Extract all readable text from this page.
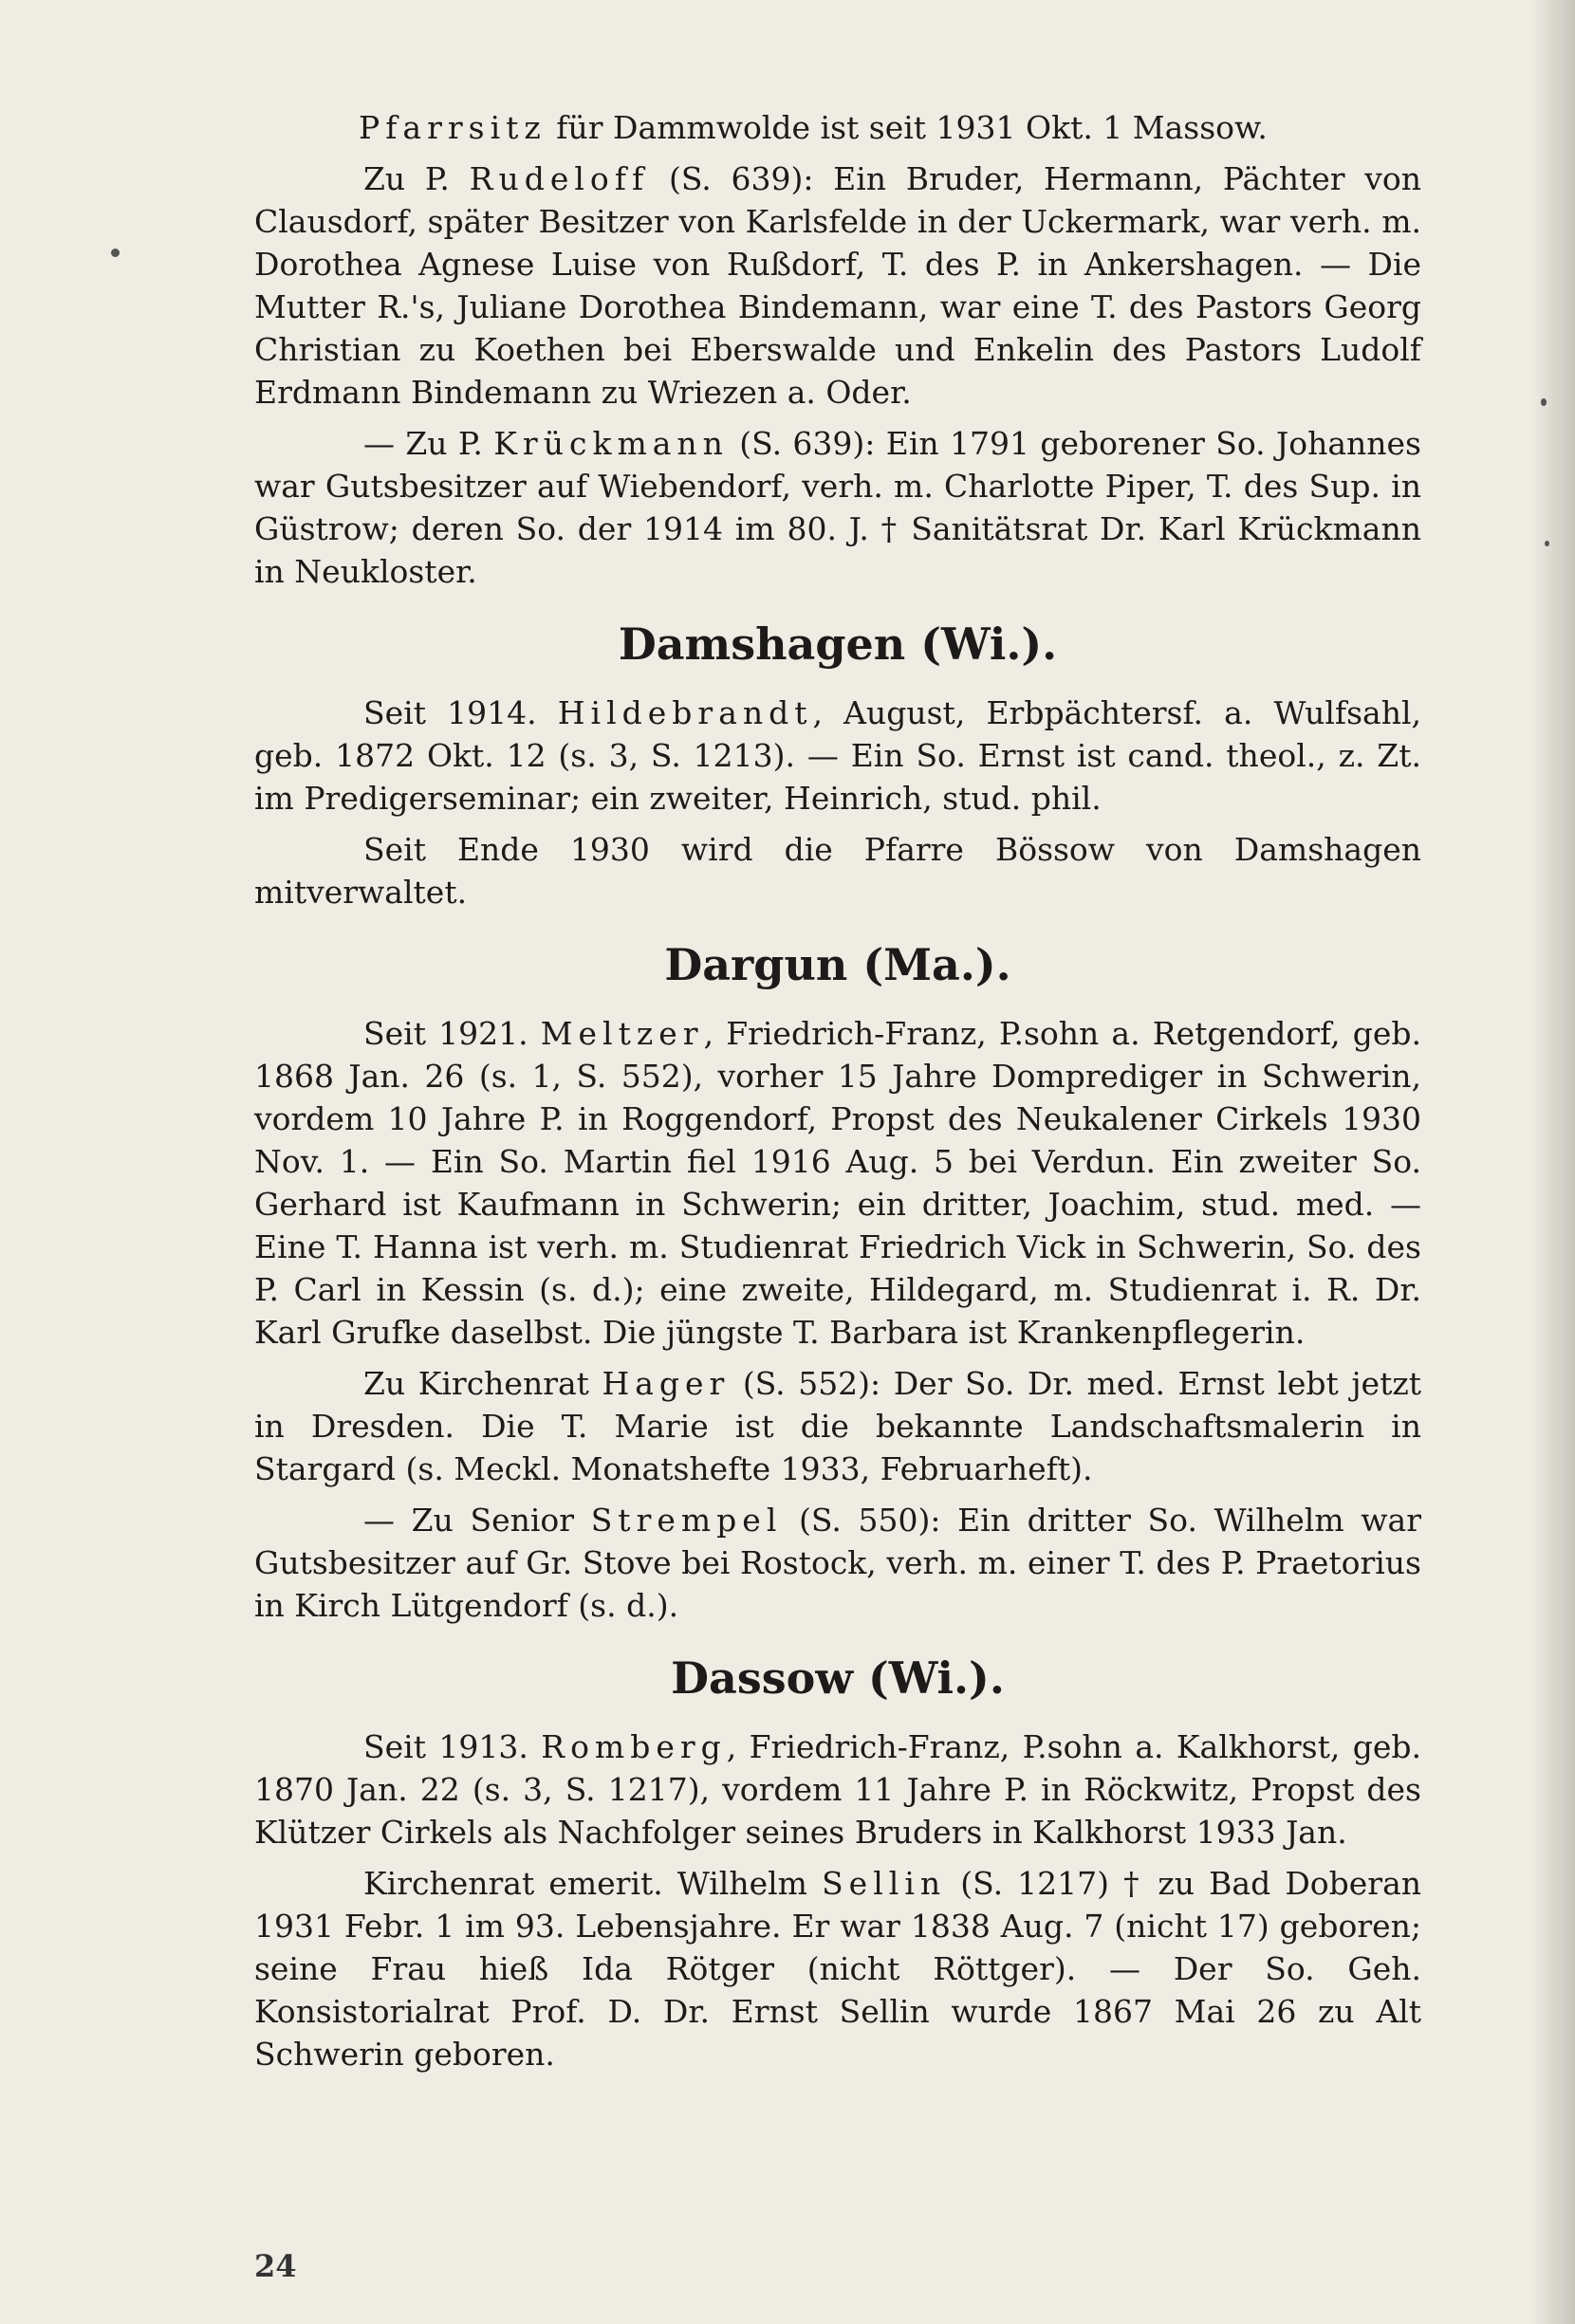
Pfarrsitz für Dammwolde ist seit 1931 Okt. 1 Massow.

Zu P. Rudeloff (S. 639): Ein Bruder, Hermann, Pächter von Clausdorf, später Besitzer von Karlsfelde in der Uckermark, war verh. m. Dorothea Agnese Luise von Rußdorf, T. des P. in Ankershagen. — Die Mutter R.'s, Juliane Dorothea Bindemann, war eine T. des Pastors Georg Christian zu Koethen bei Eberswalde und Enkelin des Pastors Ludolf Erdmann Bindemann zu Wriezen a. Oder.

— Zu P. Krückmann (S. 639): Ein 1791 geborener So. Johannes war Gutsbesitzer auf Wiebendorf, verh. m. Charlotte Piper, T. des Sup. in Güstrow; deren So. der 1914 im 80. J. † Sanitätsrat Dr. Karl Krückmann in Neukloster.

Damshagen (Wi.).

Seit 1914. Hildebrandt, August, Erbpächtersf. a. Wulfsahl, geb. 1872 Okt. 12 (s. 3, S. 1213). — Ein So. Ernst ist cand. theol., z. Zt. im Predigerseminar; ein zweiter, Heinrich, stud. phil.

Seit Ende 1930 wird die Pfarre Bössow von Damshagen mitverwaltet.

Dargun (Ma.).

Seit 1921. Meltzer, Friedrich-Franz, P.sohn a. Retgendorf, geb. 1868 Jan. 26 (s. 1, S. 552), vorher 15 Jahre Domprediger in Schwerin, vordem 10 Jahre P. in Roggendorf, Propst des Neukalener Cirkels 1930 Nov. 1. — Ein So. Martin fiel 1916 Aug. 5 bei Verdun. Ein zweiter So. Gerhard ist Kaufmann in Schwerin; ein dritter, Joachim, stud. med. — Eine T. Hanna ist verh. m. Studienrat Friedrich Vick in Schwerin, So. des P. Carl in Kessin (s. d.); eine zweite, Hildegard, m. Studienrat i. R. Dr. Karl Grufke daselbst. Die jüngste T. Barbara ist Krankenpflegerin.

Zu Kirchenrat Hager (S. 552): Der So. Dr. med. Ernst lebt jetzt in Dresden. Die T. Marie ist die bekannte Landschaftsmalerin in Stargard (s. Meckl. Monatshefte 1933, Februarheft).

— Zu Senior Strempel (S. 550): Ein dritter So. Wilhelm war Gutsbesitzer auf Gr. Stove bei Rostock, verh. m. einer T. des P. Praetorius in Kirch Lütgendorf (s. d.).

Dassow (Wi.).

Seit 1913. Romberg, Friedrich-Franz, P.sohn a. Kalkhorst, geb. 1870 Jan. 22 (s. 3, S. 1217), vordem 11 Jahre P. in Röckwitz, Propst des Klützer Cirkels als Nachfolger seines Bruders in Kalkhorst 1933 Jan.

Kirchenrat emerit. Wilhelm Sellin (S. 1217) † zu Bad Doberan 1931 Febr. 1 im 93. Lebensjahre. Er war 1838 Aug. 7 (nicht 17) geboren; seine Frau hieß Ida Rötger (nicht Röttger). — Der So. Geh. Konsistorialrat Prof. D. Dr. Ernst Sellin wurde 1867 Mai 26 zu Alt Schwerin geboren.

24
